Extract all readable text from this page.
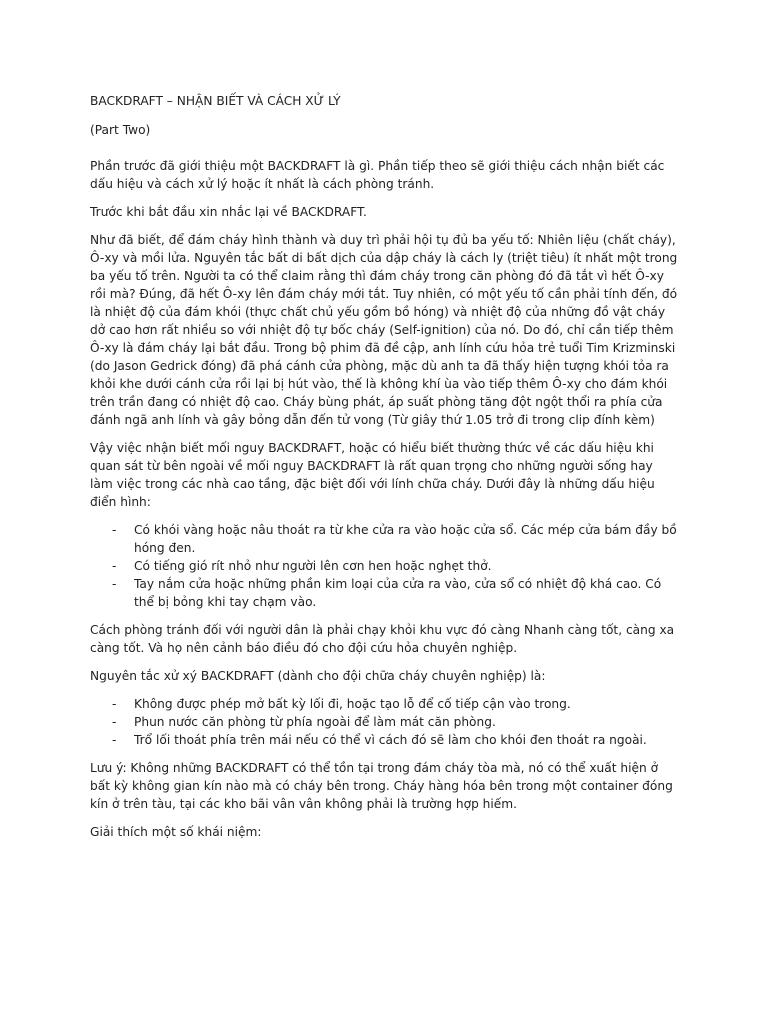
BACKDRAFT – NHẬN BIẾT VÀ CÁCH XỬ LÝ

(Part Two)

Phần trước đã giới thiệu một BACKDRAFT là gì. Phần tiếp theo sẽ giới thiệu cách nhận biết các dấu hiệu và cách xử lý hoặc ít nhất là cách phòng tránh.

Trước khi bắt đầu xin nhắc lại về BACKDRAFT.

Như đã biết, để đám cháy hình thành và duy trì phải hội tụ đủ ba yếu tố: Nhiên liệu (chất cháy), Ô-xy và mồi lửa. Nguyên tắc bất di bất dịch của dập cháy là cách ly (triệt tiêu) ít nhất một trong ba yếu tố trên. Người ta có thể claim rằng thì đám cháy trong căn phòng đó đã tắt vì hết Ô-xy rồi mà? Đúng, đã hết Ô-xy lên đám cháy mới tắt. Tuy nhiên, có một yếu tố cần phải tính đến, đó là nhiệt độ của đám khói (thực chất chủ yếu gồm bồ hóng) và nhiệt độ của những đồ vật cháy dở cao hơn rất nhiều so với nhiệt độ tự bốc cháy (Self-ignition) của nó. Do đó, chỉ cần tiếp thêm Ô-xy là đám cháy lại bắt đầu. Trong bộ phim đã đề cập, anh lính cứu hỏa trẻ tuổi Tim Krizminski (do Jason Gedrick đóng) đã phá cánh cửa phòng, mặc dù anh ta đã thấy hiện tượng khói tỏa ra khỏi khe dưới cánh cửa rồi lại bị hút vào, thế là không khí ùa vào tiếp thêm Ô-xy cho đám khói trên trần đang có nhiệt độ cao. Cháy bùng phát, áp suất phòng tăng đột ngột thổi ra phía cửa đánh ngã anh lính và gây bỏng dẫn đến tử vong (Từ giây thứ 1.05 trở đi trong clip đính kèm)

Vậy việc nhận biết mối nguy BACKDRAFT, hoặc có hiểu biết thường thức về các dấu hiệu khi quan sát từ bên ngoài về mối nguy BACKDRAFT là rất quan trọng cho những người sống hay làm việc trong các nhà cao tầng, đặc biệt đối với lính chữa cháy. Dưới đây là những dấu hiệu điển hình:

- Có khói vàng hoặc nâu thoát ra từ khe cửa ra vào hoặc cửa sổ. Các mép cửa bám đầy bồ hóng đen.
- Có tiếng gió rít nhỏ như người lên cơn hen hoặc nghẹt thở.
- Tay nắm cửa hoặc những phần kim loại của cửa ra vào, cửa sổ có nhiệt độ khá cao. Có thể bị bỏng khi tay chạm vào.

Cách phòng tránh đối với người dân là phải chạy khỏi khu vực đó càng Nhanh càng tốt, càng xa càng tốt. Và họ nên cảnh báo điều đó cho đội cứu hỏa chuyên nghiệp.

Nguyên tắc xử xý BACKDRAFT (dành cho đội chữa cháy chuyên nghiệp) là:

- Không được phép mở bất kỳ lối đi, hoặc tạo lỗ để cố tiếp cận vào trong.
- Phun nước căn phòng từ phía ngoài để làm mát căn phòng.
- Trổ lối thoát phía trên mái nếu có thể vì cách đó sẽ làm cho khói đen thoát ra ngoài.

Lưu ý: Không những BACKDRAFT có thể tồn tại trong đám cháy tòa mà, nó có thể xuất hiện ở bất kỳ không gian kín nào mà có cháy bên trong. Cháy hàng hóa bên trong một container đóng kín ở trên tàu, tại các kho bãi vân vân không phải là trường hợp hiếm.

Giải thích một số khái niệm:
